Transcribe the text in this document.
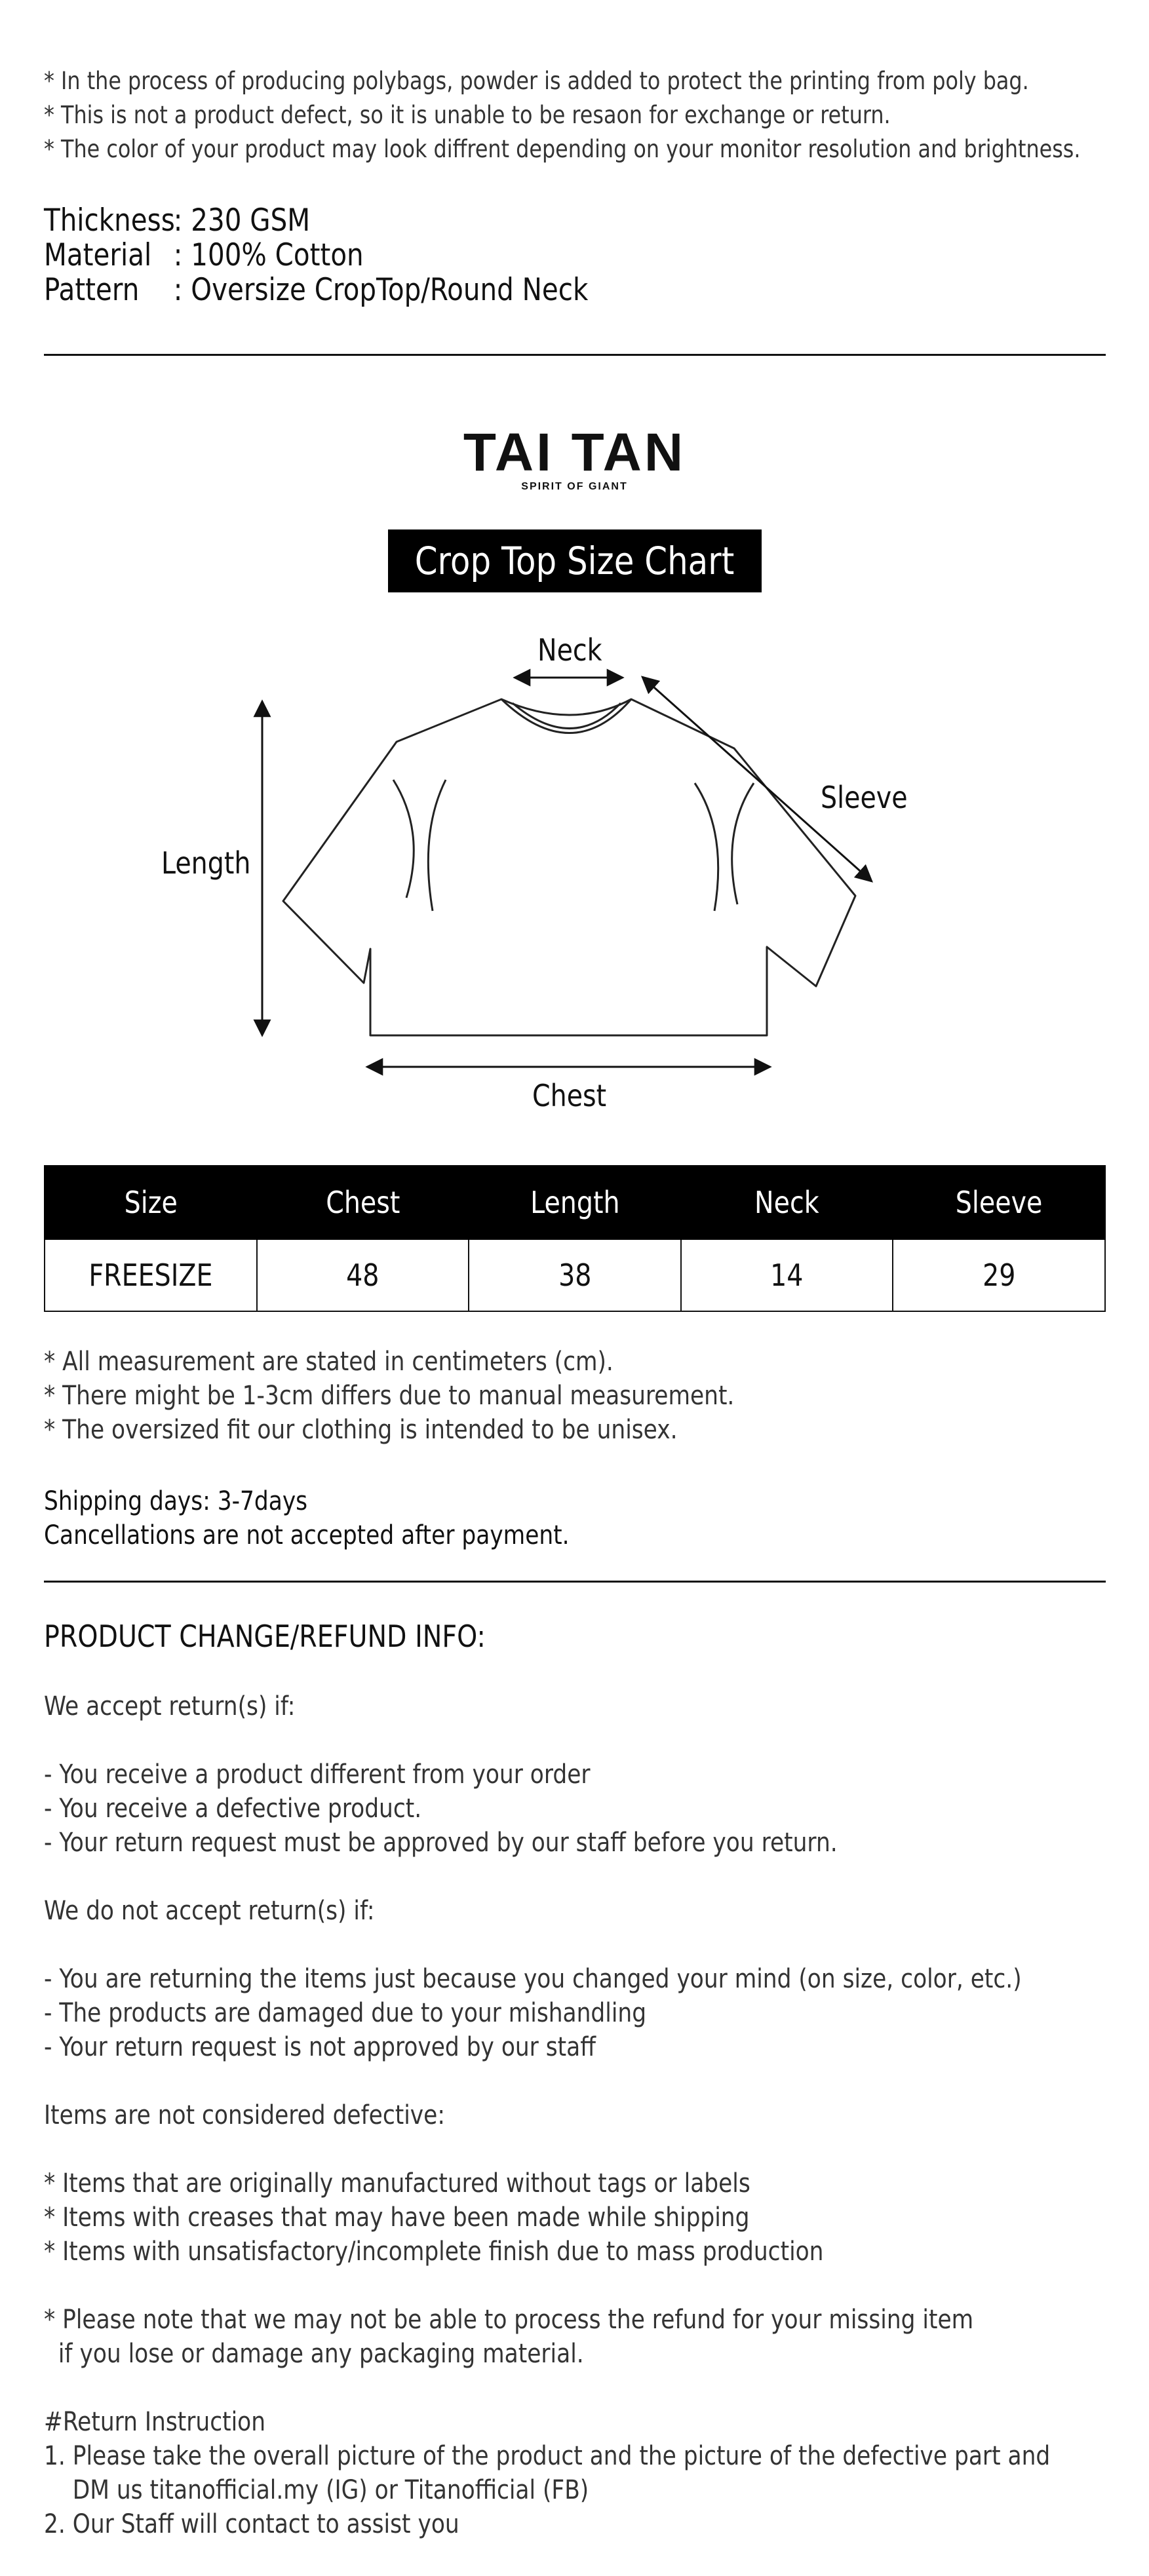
* In the process of producing polybags, powder is added to protect the printing from poly bag.
* This is not a product defect, so it is unable to be resaon for exchange or return.
* The color of your product may look diffrent depending on your monitor resolution and brightness.
Thickness
: 230 GSM
Material : 100% Cotton
Pattern	: Oversize CropTop/Round Neck
TAI TAN
SPIRIT OF GIANT
Crop Top Size Chart
Neck
Sleeve
Length
Chest
Size	Chest	Length	Neck	Sleeve
FREESIZE	48	38	14	29
* All measurement are stated in centimeters (cm).
* There might be 1-3cm differs due to manual measurement.
* The oversized fit our clothing is intended to be unisex.
Shipping days: 3-7days
Cancellations are not accepted after payment.
PRODUCT CHANGE/REFUND INFO:
We accept return(s) if:
- You receive a product different from your order
- You receive a defective product.
- Your return request must be approved by our staff before you return.
We do not accept return(s) if:
- You are returning the items just because you changed your mind (on size, color, etc.)
- The products are damaged due to your mishandling
- Your return request is not approved by our staff
Items are not considered defective:
* Items that are originally manufactured without tags or labels
* Items with creases that may have been made while shipping
* Items with unsatisfactory/incomplete finish due to mass production
* Please note that we may not be able to process the refund for your missing item
if you lose or damage any packaging material.
#Return Instruction
1. Please take the overall picture of the product and the picture of the defective part and
DM us titanofficial.my (IG) or Titanofficial (FB)
2. Our Staff will contact to assist you
